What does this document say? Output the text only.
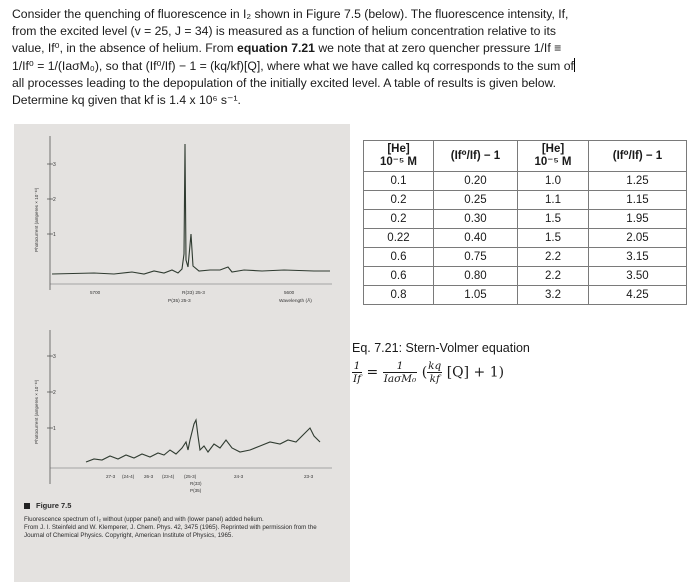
Consider the quenching of fluorescence in I₂ shown in Figure 7.5 (below). The fluorescence intensity, If,

from the excited level (v = 25, J = 34) is measured as a function of helium concentration relative to its

value, If⁰, in the absence of helium. From equation 7.21 we note that at zero quencher pressure 1/If ≡

1/If⁰ = 1/(IaσM₀), so that (If⁰/If) − 1 = (kq/kf)[Q], where what we have called kq corresponds to the sum of

all processes leading to the depopulation of the initially excited level. A table of results is given below.

Determine kq given that kf is 1.4 x 10⁶ s⁻¹.

3
2
1
Photocurrent (amperes × 10⁻¹¹)
5700	5600
R(33) 25-3
P(35) 25-3	Wavelength (Å)
3
2
1
Photocurrent (amperes × 10⁻¹¹)
27-3 (24-4) 26-3 (23-4) (25-3)
R(33)
P(35)
24-3	23-3
Figure 7.5
Fluorescence spectrum of I₂ without (upper panel) and with (lower panel) added helium.
From J. I. Steinfeld and W. Klemperer, J. Chem. Phys. 42, 3475 (1965). Reprinted with permission from the
Journal of Chemical Physics. Copyright, American Institute of Physics, 1965.
[He]
10⁻⁵ M	(If⁰/If) − 1	[He]
10⁻⁵ M	(If⁰/If) − 1
0.1	0.20	1.0	1.25
0.2	0.25	1.1	1.15
0.2	0.30	1.5	1.95
0.22	0.40	1.5	2.05
0.6	0.75	2.2	3.15
0.6	0.80	2.2	3.50
0.8	1.05	3.2	4.25
Eq. 7.21: Stern-Volmer equation
$\frac{1}{If} = \frac{1}{\text{IaσM₀}}$ ( $\frac{kq}{kf} [Q] + 1$)
